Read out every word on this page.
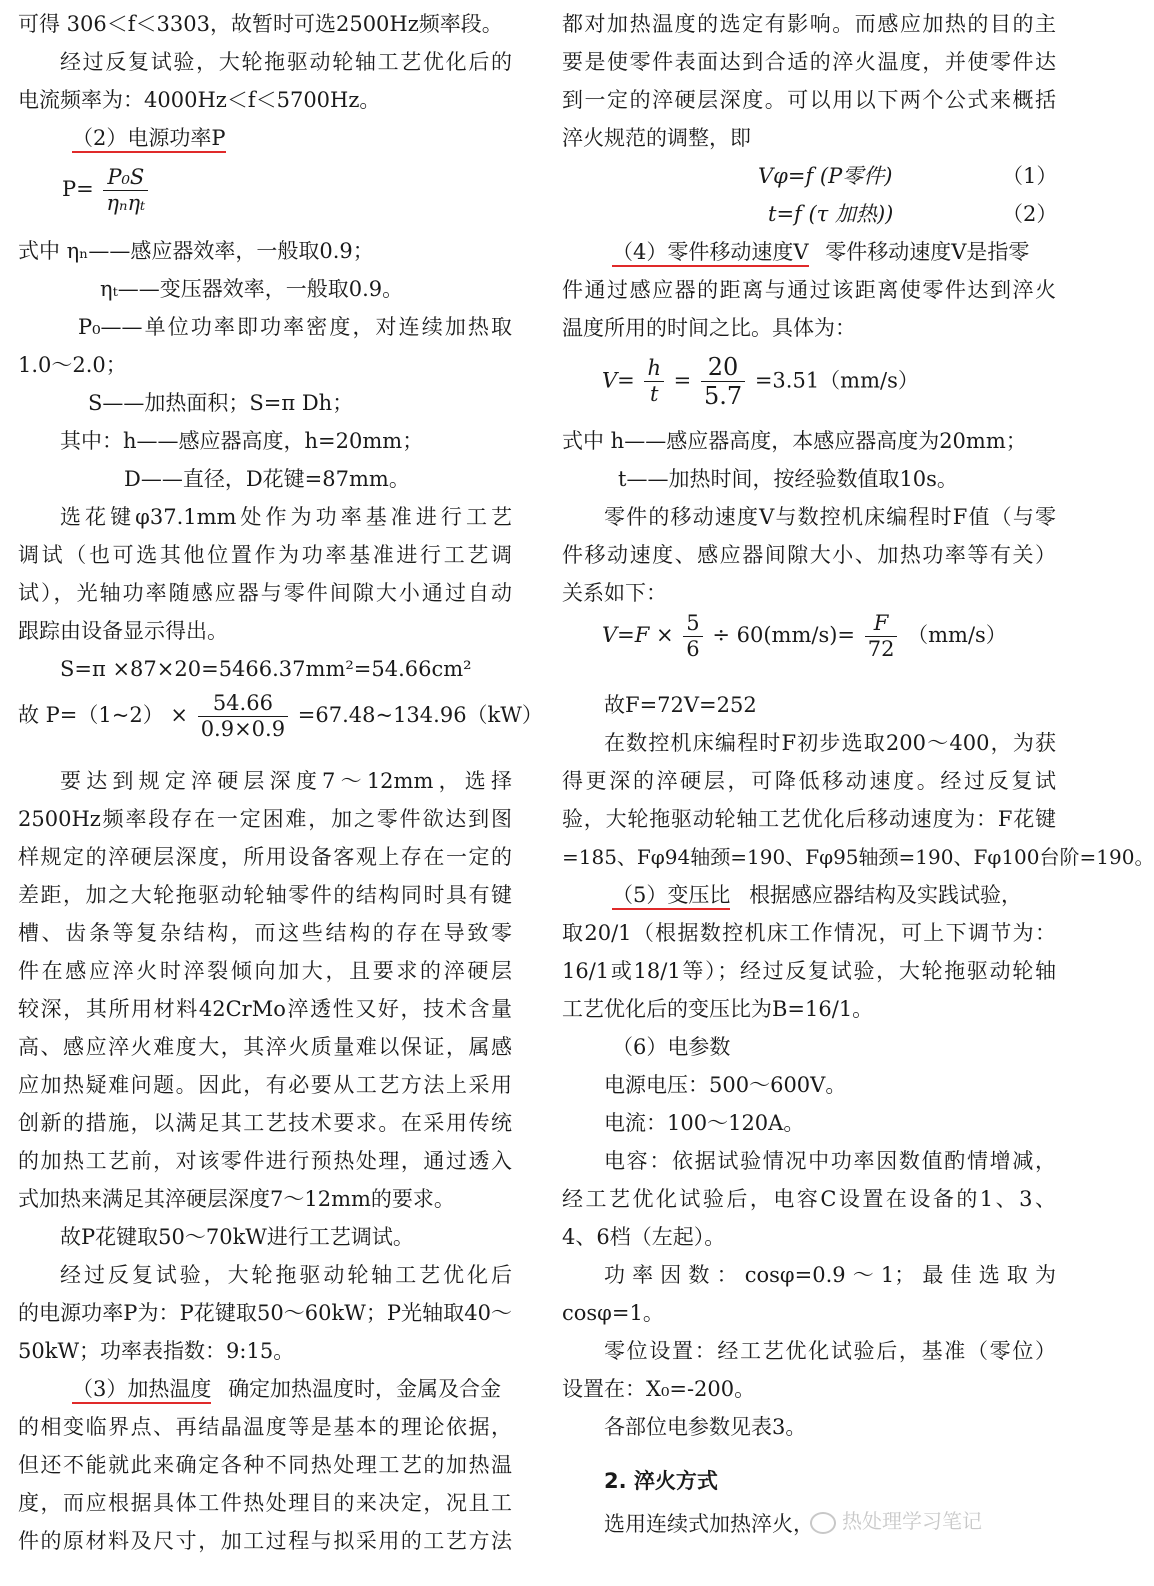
可得 306＜f＜3303，故暂时可选2500Hz频率段。
经过反复试验，大轮拖驱动轮轴工艺优化后的
电流频率为：4000Hz＜f＜5700Hz。
（2）电源功率P
$P= \frac{\text{P₀S}}{\text{ηₙηₜ}}$
式中 ηₙ——感应器效率，一般取0.9；
ηₜ——变压器效率，一般取0.9。
P₀——单位功率即功率密度，对连续加热取
1.0～2.0；
S——加热面积；S=π Dh；
其中：h——感应器高度，h=20mm；
D——直径，D花键=87mm。
选花键φ37.1mm处作为功率基准进行工艺
调试（也可选其他位置作为功率基准进行工艺调
试），光轴功率随感应器与零件间隙大小通过自动
跟踪由设备显示得出。
S=π ×87×20=5466.37mm²=54.66cm²
故 P=（1~2） × $\frac{54.66}{0.9\times 0.9}$ =67.48~134.96（kW）
要达到规定淬硬层深度7～12mm，选择
2500Hz频率段存在一定困难，加之零件欲达到图
样规定的淬硬层深度，所用设备客观上存在一定的
差距，加之大轮拖驱动轮轴零件的结构同时具有键
槽、齿条等复杂结构，而这些结构的存在导致零
件在感应淬火时淬裂倾向加大，且要求的淬硬层
较深，其所用材料42CrMo淬透性又好，技术含量
高、感应淬火难度大，其淬火质量难以保证，属感
应加热疑难问题。因此，有必要从工艺方法上采用
创新的措施，以满足其工艺技术要求。在采用传统
的加热工艺前，对该零件进行预热处理，通过透入
式加热来满足其淬硬层深度7～12mm的要求。
故P花键取50～70kW进行工艺调试。
经过反复试验，大轮拖驱动轮轴工艺优化后
的电源功率P为：P花键取50～60kW；P光轴取40～
50kW；功率表指数：9:15。
（3）加热温度 确定加热温度时，金属及合金
的相变临界点、再结晶温度等是基本的理论依据，
但还不能就此来确定各种不同热处理工艺的加热温
度，而应根据具体工件热处理目的来决定，况且工
件的原材料及尺寸，加工过程与拟采用的工艺方法
都对加热温度的选定有影响。而感应加热的目的主
要是使零件表面达到合适的淬火温度，并使零件达
到一定的淬硬层深度。可以用以下两个公式来概括
淬火规范的调整，即
Vφ=f (P零件)	（1）
t=f (τ 加热))	（2）
（4）零件移动速度V 零件移动速度V是指零
件通过感应器的距离与通过该距离使零件达到淬火
温度所用的时间之比。具体为：
$V= \frac{h}{t} = \frac{20}{5.7} =3.51(mm/s)$
式中 h——感应器高度，本感应器高度为20mm；
t——加热时间，按经验数值取10s。
零件的移动速度V与数控机床编程时F值（与零
件移动速度、感应器间隙大小、加热功率等有关）
关系如下：
$V=F \times \frac{5}{6} \div 60(mm/s)= \frac{F}{72} (mm/s)$
故F=72V=252
在数控机床编程时F初步选取200～400，为获
得更深的淬硬层，可降低移动速度。经过反复试
验，大轮拖驱动轮轴工艺优化后移动速度为：F花键
=185、Fφ94轴颈=190、Fφ95轴颈=190、Fφ100台阶=190。
（5）变压比 根据感应器结构及实践试验，
取20/1（根据数控机床工作情况，可上下调节为：
16/1或18/1等）；经过反复试验，大轮拖驱动轮轴
工艺优化后的变压比为B=16/1。
（6）电参数
电源电压：500～600V。
电流：100～120A。
电容：依据试验情况中功率因数值酌情增减，
经工艺优化试验后，电容C设置在设备的1、3、
4、6档（左起）。
功率因数：cosφ=0.9～1；最佳选取为
cosφ=1。
零位设置：经工艺优化试验后，基准（零位）
设置在：X₀=-200。
各部位电参数见表3。
2. 淬火方式
选用连续式加热淬火，	热处理学习笔记
